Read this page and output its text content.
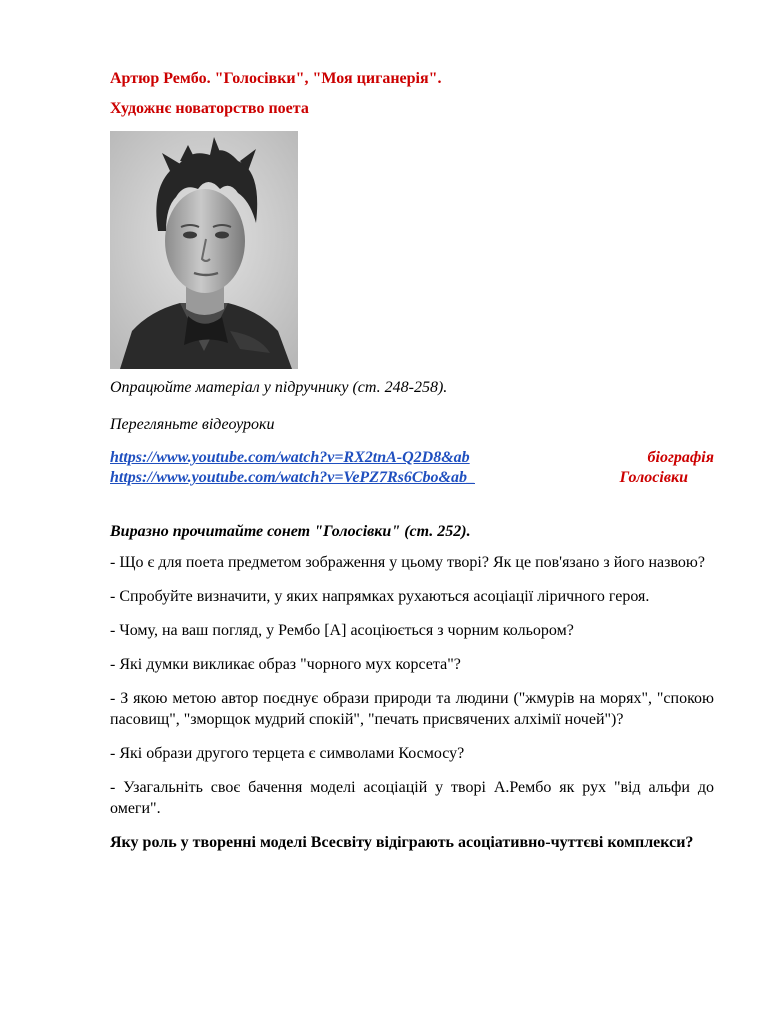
Артюр Рембо. "Голосівки", "Моя циганерія".

Художнє новаторство поета

Опрацюйте матеріал у підручнику (ст. 248-258).
Перегляньте відеоуроки
https://www.youtube.com/watch?v=RX2tnA-Q2D8&ab	біографія
https://www.youtube.com/watch?v=VePZ7Rs6Cbo&ab_	Голосівки
Виразно прочитайте сонет "Голосівки" (ст. 252).

- Що є для поета предметом зображення у цьому творі? Як це пов'язано з його назвою?

- Спробуйте визначити, у яких напрямках рухаються асоціації ліричного героя.

- Чому, на ваш погляд, у Рембо [А] асоціюється з чорним кольором?

- Які думки викликає образ "чорного мух корсета"?

- З якою метою автор поєднує образи природи та людини ("жмурів на морях", "спокою пасовищ", "зморщок мудрий спокій", "печать присвячених алхімії ночей")?

- Які образи другого терцета є символами Космосу?

- Узагальніть своє бачення моделі асоціацій у творі А.Рембо як рух "від альфи до омеги".

Яку роль у творенні моделі Всесвіту відіграють асоціативно-чуттєві комплекси?
